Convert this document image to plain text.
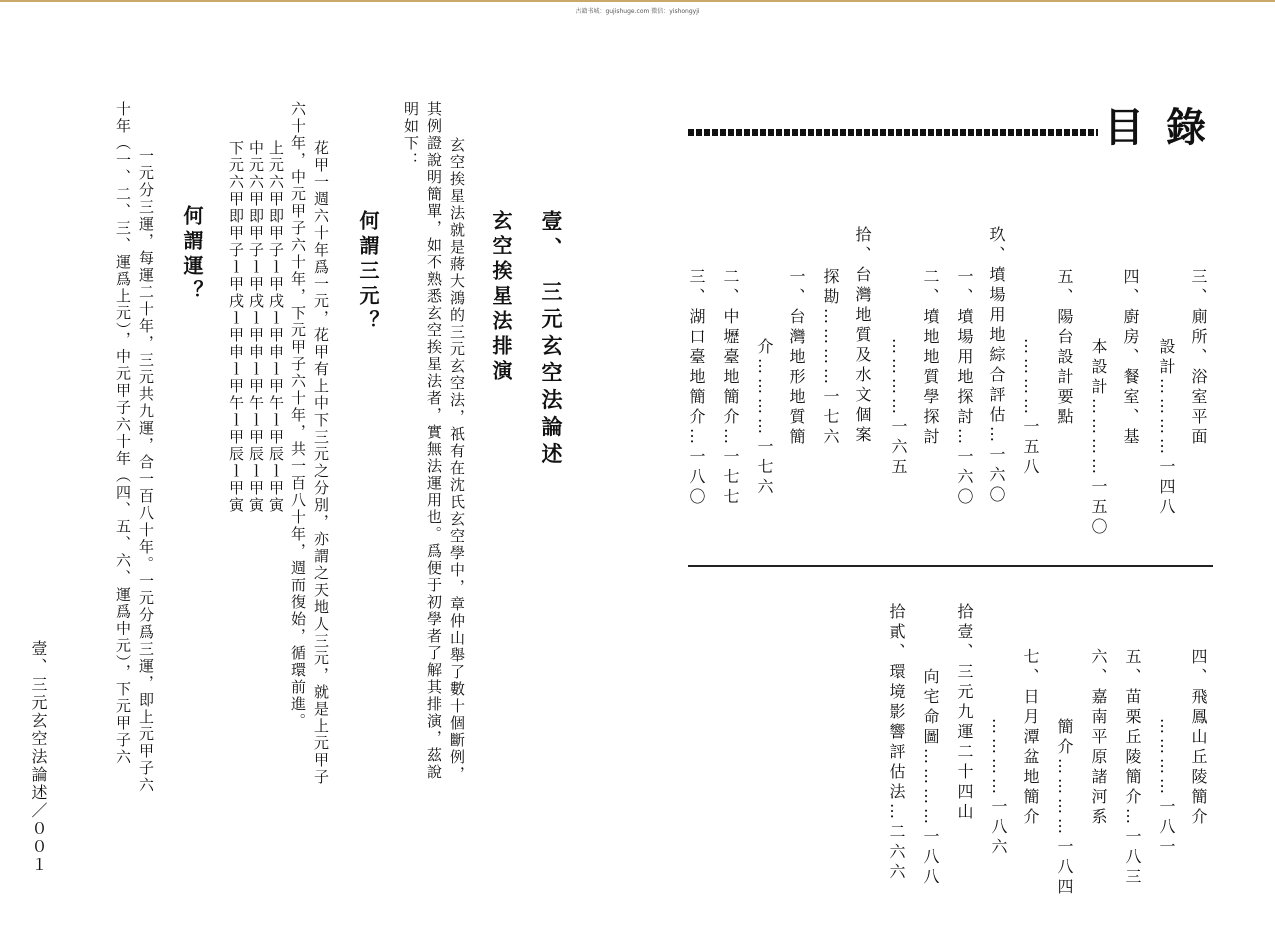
古籍书城：gujishuge.com 微信：yishongyji
壹、　三元玄空法論述
玄空挨星法排演
玄空挨星法就是蔣大鴻的三元玄空法，祇有在沈氏玄空學中，章仲山舉了數十個斷例，
其例證說明簡單，如不熟悉玄空挨星法者，實無法運用也。爲便于初學者了解其排演，茲說
明如下：
何謂三元？
花甲一週六十年爲一元，花甲有上中下三元之分別，亦謂之天地人三元，就是上元甲子
六十年，中元甲子六十年，下元甲子六十年，共一百八十年，週而復始，循環前進。
上元六甲即甲子ｌ甲戌ｌ甲申ｌ甲午ｌ甲辰ｌ甲寅
中元六甲即甲子ｌ甲戌ｌ甲申ｌ甲午ｌ甲辰ｌ甲寅
下元六甲即甲子ｌ甲戌ｌ甲申ｌ甲午ｌ甲辰ｌ甲寅
何謂運？
一元分三運，每運二十年，三元共九運，合一百八十年。一元分爲三運，即上元甲子六
十年（一、二、三、運爲上元），中元甲子六十年（四、五、六、運爲中元），下元甲子六
壹、三元玄空法論述／００１
目錄
三、廁所、浴室平面
　設計…………一四八
四、廚房、餐室、基
　本設計…………一五〇
五、陽台設計要點
　…………一五八
玖、墳場用地綜合評估…一六〇
一、墳場用地探討…一六〇
二、墳地地質學探討
　…………一六五
拾、台灣地質及水文個案
探勘…………一七六
一、台灣地形地質簡
　介…………一七六
二、中壢臺地簡介…一七七
三、湖口臺地簡介…一八〇
四、飛鳳山丘陵簡介
　…………一八一
五、苗栗丘陵簡介…一八三
六、嘉南平原諸河系
　簡介…………一八四
七、日月潭盆地簡介
　…………一八六
拾壹、三元九運二十四山
　向宅命圖…………一八八
拾貳、環境影響評估法…二六六
